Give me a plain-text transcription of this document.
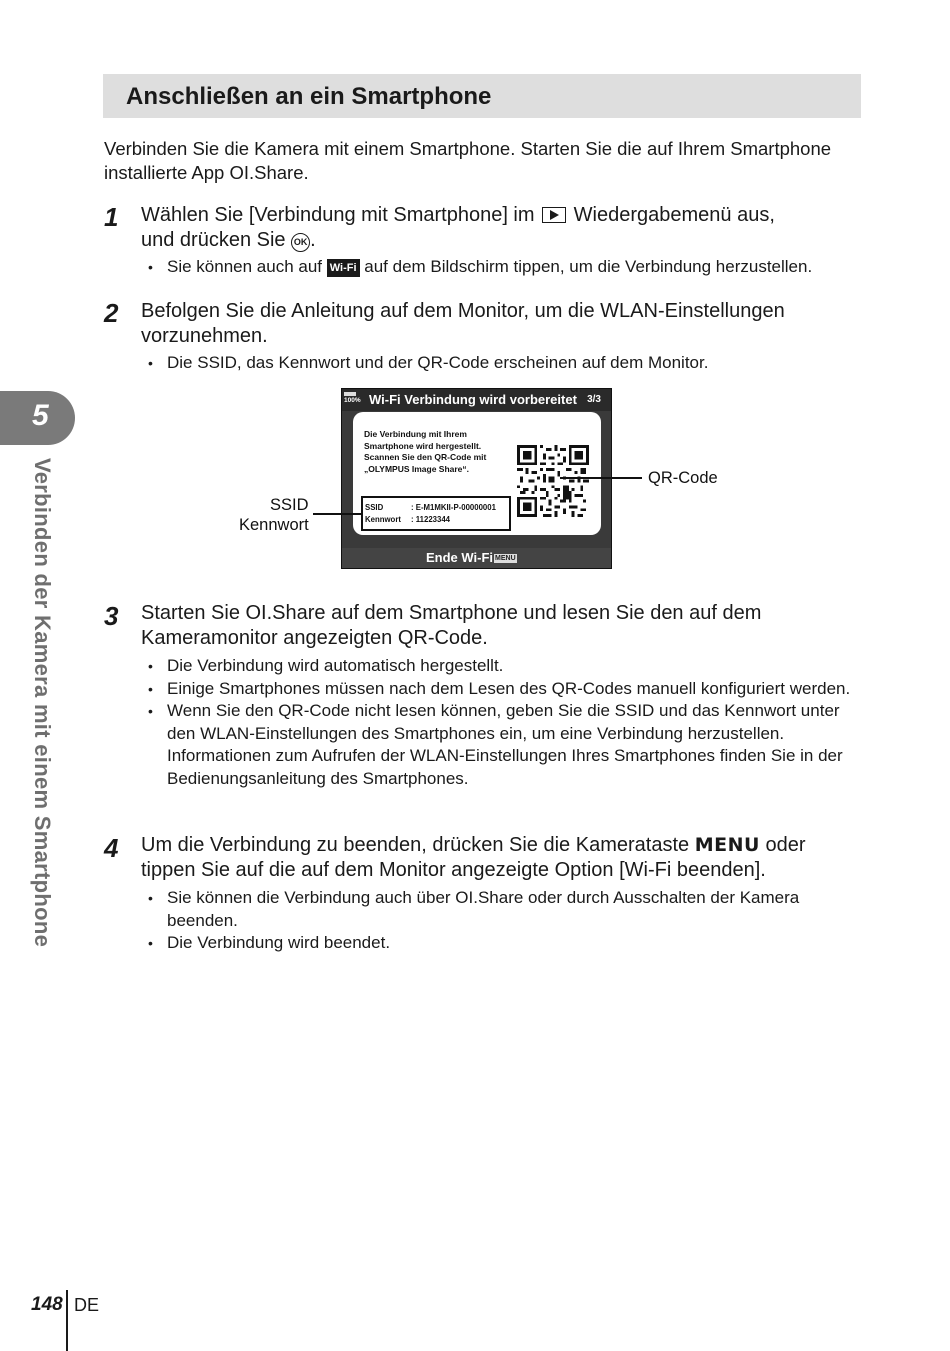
Anschließen an ein Smartphone

Verbinden Sie die Kamera mit einem Smartphone. Starten Sie die auf Ihrem Smartphone installierte App OI.Share.

1 Wählen Sie [Verbindung mit Smartphone] im Wiedergabemenü aus,
und drücken Sie OK .
• Sie können auch auf Wi-Fi auf dem Bildschirm tippen, um die Verbindung herzustellen.
2 Befolgen Sie die Anleitung auf dem Monitor, um die WLAN-Einstellungen vorzunehmen.
• Die SSID, das Kennwort und der QR-Code erscheinen auf dem Monitor.
100% Wi-Fi Verbindung wird vorbereitet 3/3
Die Verbindung mit Ihrem Smartphone wird hergestellt. Scannen Sie den QR-Code mit „OLYMPUS Image Share“.
SSID	: E-M1MKII-P-00000001
Kennwort : 11223344
Ende Wi-Fi MENU
QR-Code
SSID
Kennwort
3 Starten Sie OI.Share auf dem Smartphone und lesen Sie den auf dem Kameramonitor angezeigten QR-Code.
• Die Verbindung wird automatisch hergestellt.
• Einige Smartphones müssen nach dem Lesen des QR-Codes manuell konfiguriert werden.
• Wenn Sie den QR-Code nicht lesen können, geben Sie die SSID und das Kennwort unter den WLAN-Einstellungen des Smartphones ein, um eine Verbindung herzustellen. Informationen zum Aufrufen der WLAN-Einstellungen Ihres Smartphones finden Sie in der Bedienungsanleitung des Smartphones.
4 Um die Verbindung zu beenden, drücken Sie die Kamerataste MENU oder tippen Sie auf die auf dem Monitor angezeigte Option [Wi-Fi beenden].
• Sie können die Verbindung auch über OI.Share oder durch Ausschalten der Kamera beenden.
• Die Verbindung wird beendet.
5
Verbinden der Kamera mit einem Smartphone
148 DE
